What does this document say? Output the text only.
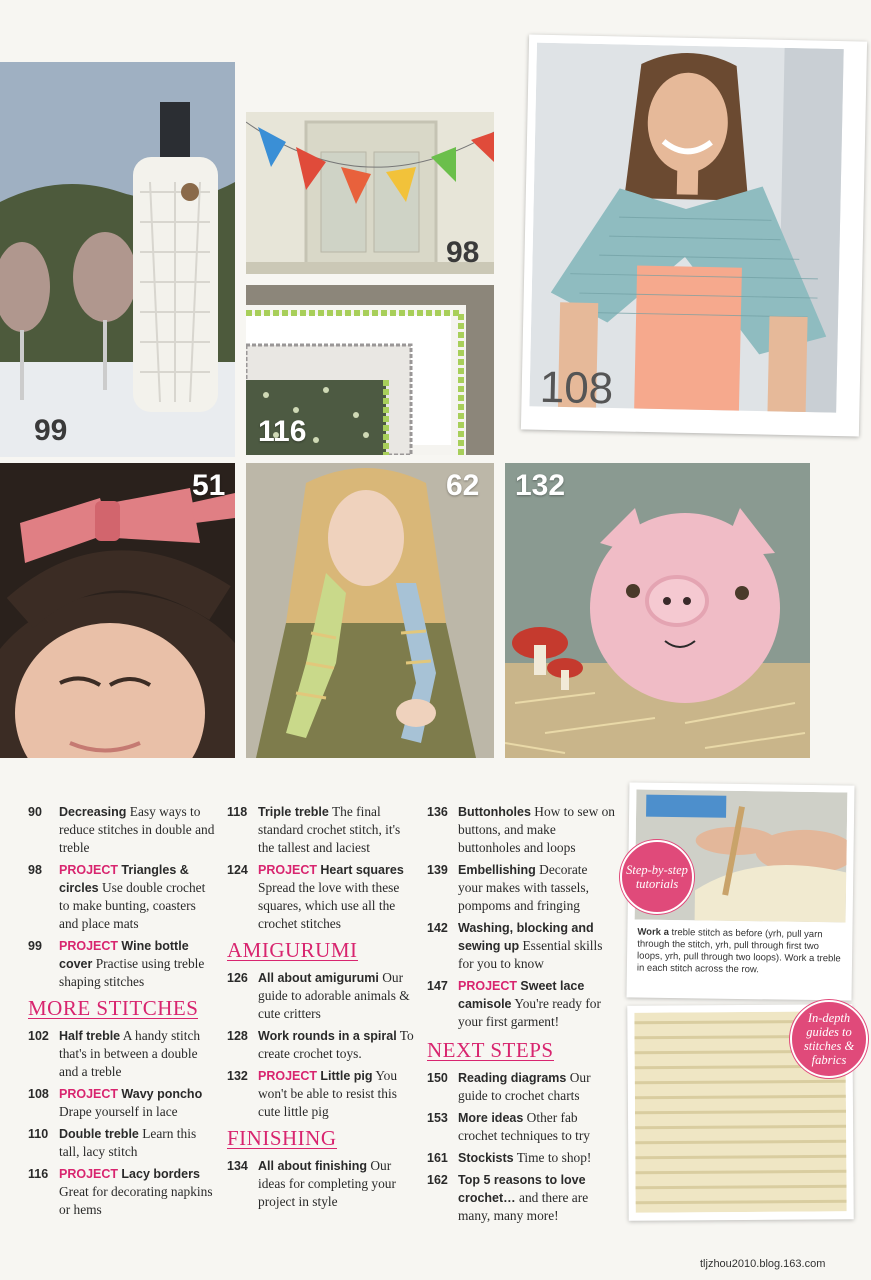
99
98
116
108
51	62 132
90 Decreasing Easy ways to reduce stitches in double and treble
98 PROJECT Triangles & circles Use double crochet to make bunting, coasters and place mats
99 PROJECT Wine bottle cover Practise using treble shaping stitches
MORE STITCHES
102 Half treble A handy stitch that's in between a double and a treble
108 PROJECT Wavy poncho Drape yourself in lace
110 Double treble Learn this tall, lacy stitch
116 PROJECT Lacy borders Great for decorating napkins or hems
118 Triple treble The final standard crochet stitch, it's the tallest and laciest
124 PROJECT Heart squares Spread the love with these squares, which use all the crochet stitches
AMIGURUMI
126 All about amigurumi Our guide to adorable animals & cute critters
128 Work rounds in a spiral To create crochet toys.
132 PROJECT Little pig You won't be able to resist this cute little pig
FINISHING
134 All about finishing Our ideas for completing your project in style
136 Buttonholes How to sew on buttons, and make buttonholes and loops
139 Embellishing Decorate your makes with tassels, pompoms and fringing
142 Washing, blocking and sewing up Essential skills for you to know
147 PROJECT Sweet lace camisole You're ready for your first garment!
NEXT STEPS
150 Reading diagrams Our guide to crochet charts
153 More ideas Other fab crochet techniques to try
161 Stockists Time to shop!
162 Top 5 reasons to love crochet… and there are many, many more!
Work a treble stitch as before (yrh, pull yarn through the stitch, yrh, pull through first two loops, yrh, pull through two loops). Work a treble in each stitch across the row.
Step-by-step tutorials
In-depth guides to stitches & fabrics
tljzhou2010.blog.163.com
